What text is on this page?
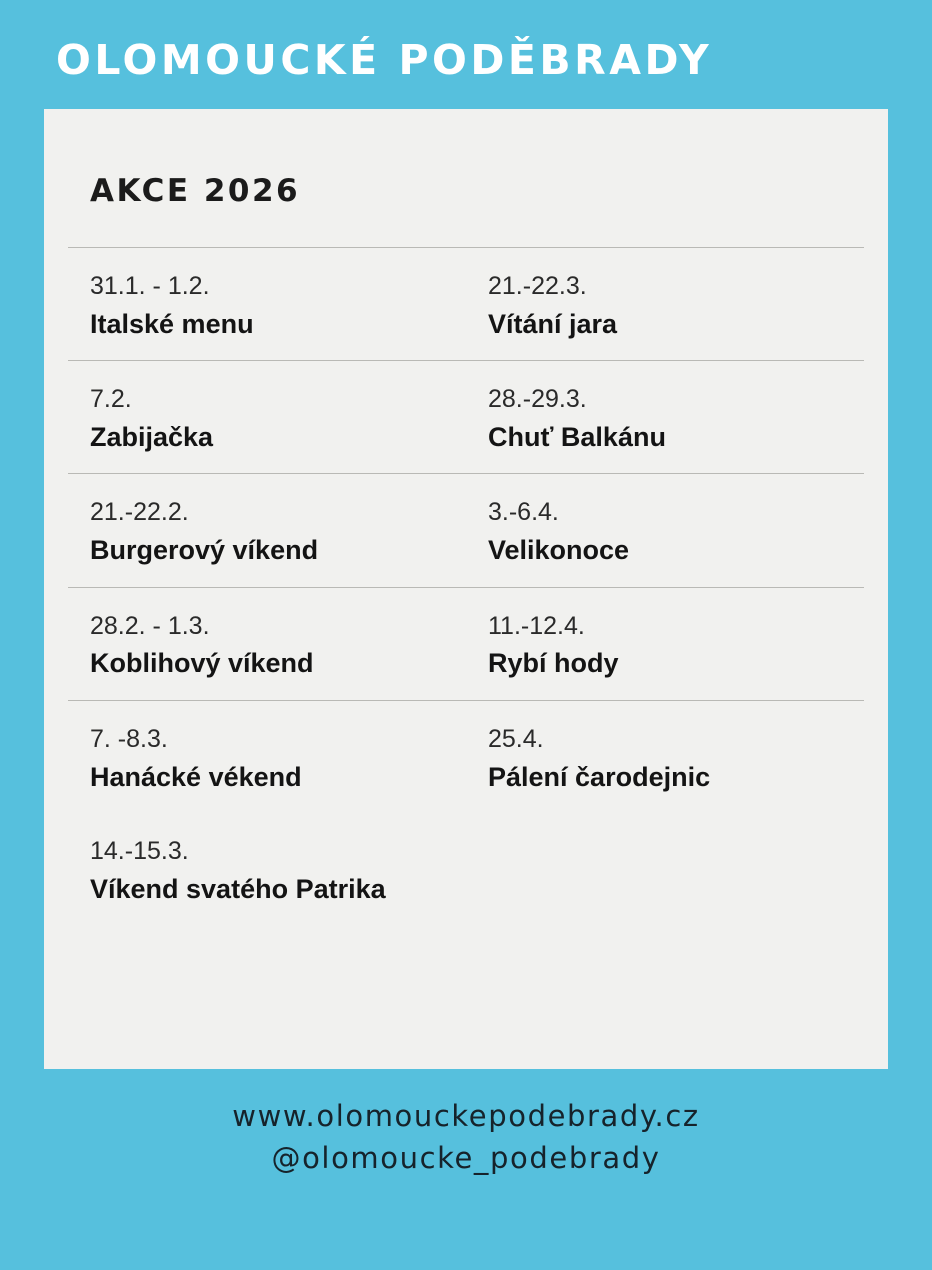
OLOMOUCKÉ PODĚBRADY
AKCE 2026
31.1. - 1.2.
Italské menu
21.-22.3.
Vítání jara
7.2.
Zabijačka
28.-29.3.
Chuť Balkánu
21.-22.2.
Burgerový víkend
3.-6.4.
Velikonoce
28.2. - 1.3.
Koblihový víkend
11.-12.4.
Rybí hody
7. -8.3.
Hanácké vékend
25.4.
Pálení čarodejnic
14.-15.3.
Víkend svatého Patrika
www.olomouckepodebrady.cz
@olomoucke_podebrady
